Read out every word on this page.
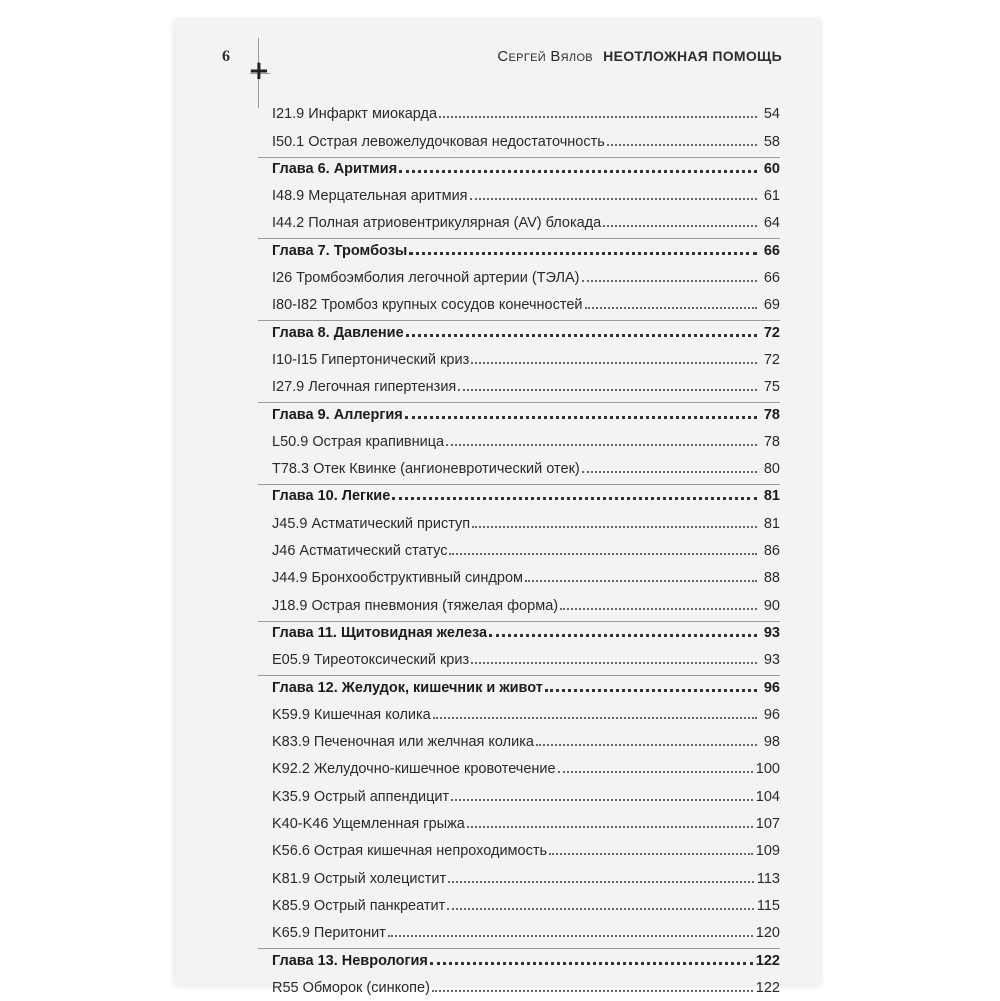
+
6	Сергей Вялов НЕОТЛОЖНАЯ ПОМОЩЬ
I21.9 Инфаркт миокарда	54
I50.1 Острая левожелудочковая недостаточность	58
Глава 6. Аритмия	60
I48.9 Мерцательная аритмия	61
I44.2 Полная атриовентрикулярная (AV) блокада	64
Глава 7. Тромбозы	66
I26 Тромбоэмболия легочной артерии (ТЭЛА)	66
I80-I82 Тромбоз крупных сосудов конечностей	69
Глава 8. Давление	72
I10-I15 Гипертонический криз	72
I27.9 Легочная гипертензия	75
Глава 9. Аллергия	78
L50.9 Острая крапивница	78
T78.3 Отек Квинке (ангионевротический отек)	80
Глава 10. Легкие	81
J45.9 Астматический приступ	81
J46 Астматический статус	86
J44.9 Бронхообструктивный синдром	88
J18.9 Острая пневмония (тяжелая форма)	90
Глава 11. Щитовидная железа	93
E05.9 Тиреотоксический криз	93
Глава 12. Желудок, кишечник и живот	96
K59.9 Кишечная колика	96
K83.9 Печеночная или желчная колика	98
K92.2 Желудочно-кишечное кровотечение	100
K35.9 Острый аппендицит	104
K40-K46 Ущемленная грыжа	107
K56.6 Острая кишечная непроходимость	109
K81.9 Острый холецистит	113
K85.9 Острый панкреатит	115
K65.9 Перитонит	120
Глава 13. Неврология	122
R55 Обморок (синкопе)	122
